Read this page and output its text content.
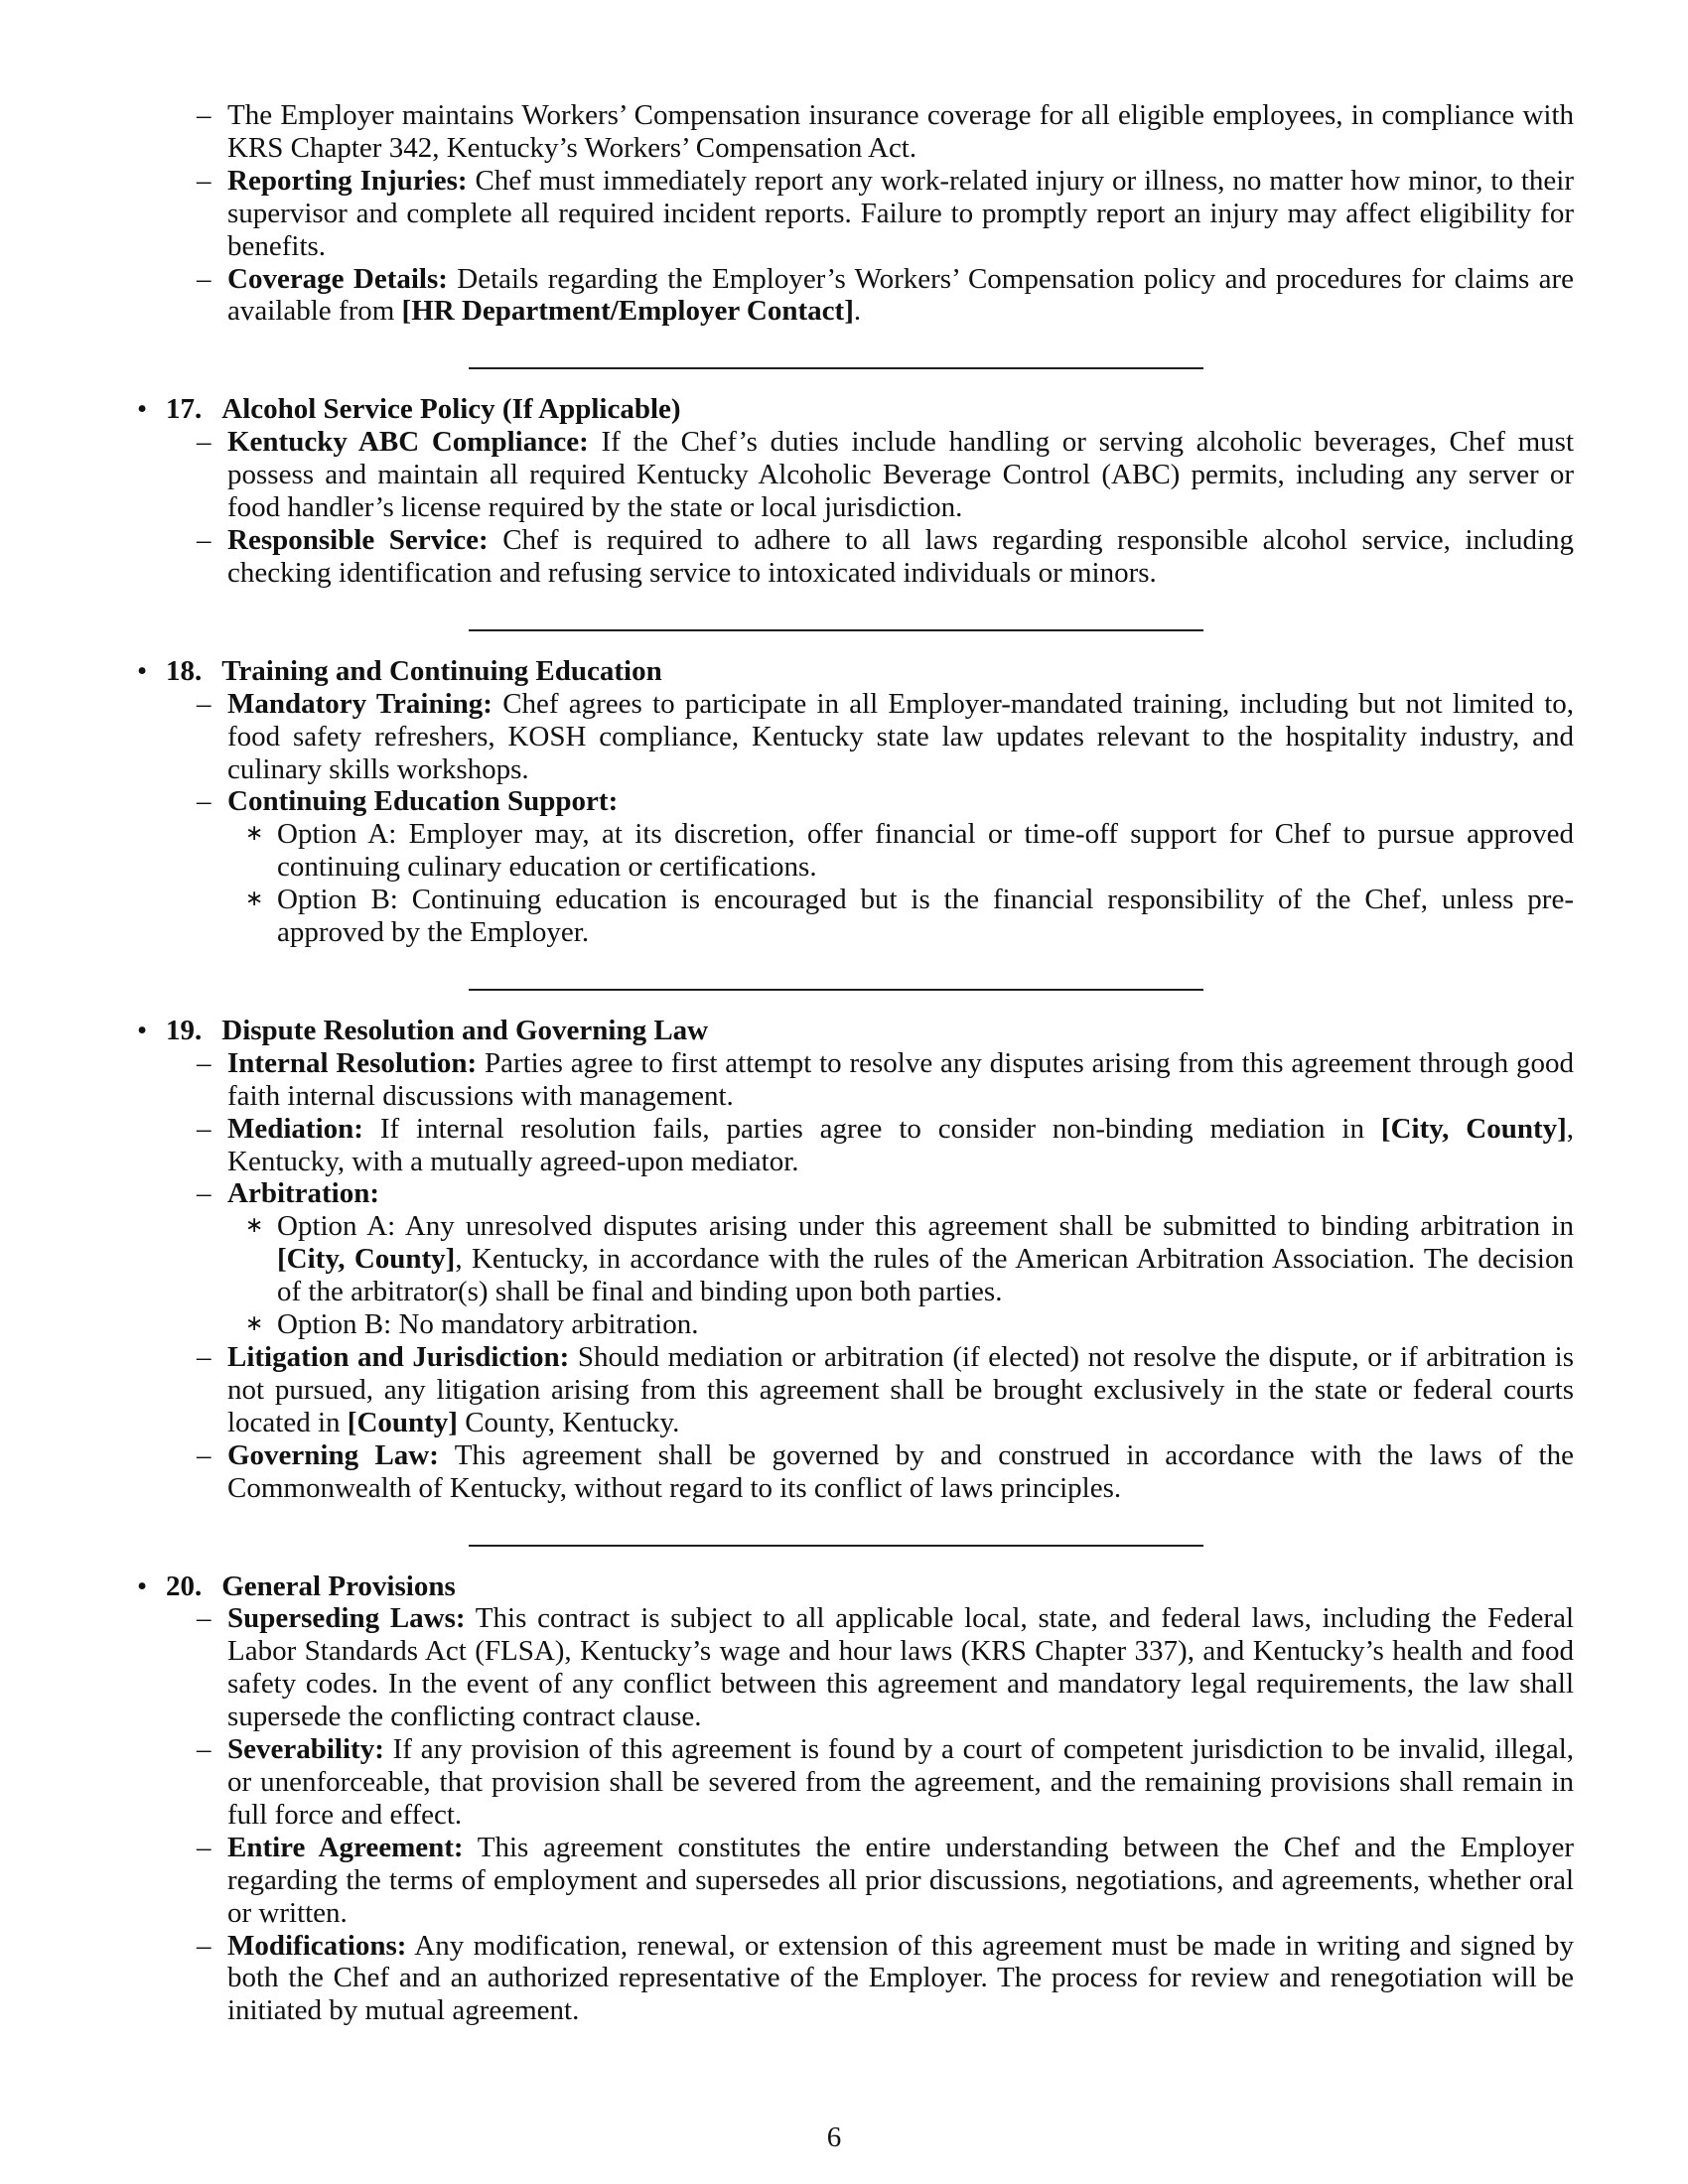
– The Employer maintains Workers’ Compensation insurance coverage for all eligible employees, in compliance with KRS Chapter 342, Kentucky’s Workers’ Compensation Act.
– Reporting Injuries: Chef must immediately report any work-related injury or illness, no matter how minor, to their supervisor and complete all required incident reports. Failure to promptly report an injury may affect eligibility for benefits.
– Coverage Details: Details regarding the Employer’s Workers’ Compensation policy and procedures for claims are available from [HR Department/Employer Contact].
• 17. Alcohol Service Policy (If Applicable)
– Kentucky ABC Compliance: If the Chef’s duties include handling or serving alcoholic beverages, Chef must possess and maintain all required Kentucky Alcoholic Beverage Control (ABC) permits, including any server or food handler’s license required by the state or local jurisdiction.
– Responsible Service: Chef is required to adhere to all laws regarding responsible alcohol service, including checking identification and refusing service to intoxicated individuals or minors.
• 18. Training and Continuing Education
– Mandatory Training: Chef agrees to participate in all Employer-mandated training, including but not limited to, food safety refreshers, KOSH compliance, Kentucky state law updates relevant to the hospitality industry, and culinary skills workshops.
– Continuing Education Support:
∗ Option A: Employer may, at its discretion, offer financial or time-off support for Chef to pursue approved continuing culinary education or certifications.
∗ Option B: Continuing education is encouraged but is the financial responsibility of the Chef, unless pre-approved by the Employer.
• 19. Dispute Resolution and Governing Law
– Internal Resolution: Parties agree to first attempt to resolve any disputes arising from this agreement through good faith internal discussions with management.
– Mediation: If internal resolution fails, parties agree to consider non-binding mediation in [City, County], Kentucky, with a mutually agreed-upon mediator.
– Arbitration:
∗ Option A: Any unresolved disputes arising under this agreement shall be submitted to binding arbitration in [City, County], Kentucky, in accordance with the rules of the American Arbitration Association. The decision of the arbitrator(s) shall be final and binding upon both parties.
∗ Option B: No mandatory arbitration.
– Litigation and Jurisdiction: Should mediation or arbitration (if elected) not resolve the dispute, or if arbitration is not pursued, any litigation arising from this agreement shall be brought exclusively in the state or federal courts located in [County] County, Kentucky.
– Governing Law: This agreement shall be governed by and construed in accordance with the laws of the Commonwealth of Kentucky, without regard to its conflict of laws principles.
• 20. General Provisions
– Superseding Laws: This contract is subject to all applicable local, state, and federal laws, including the Federal Labor Standards Act (FLSA), Kentucky’s wage and hour laws (KRS Chapter 337), and Kentucky’s health and food safety codes. In the event of any conflict between this agreement and mandatory legal requirements, the law shall supersede the conflicting contract clause.
– Severability: If any provision of this agreement is found by a court of competent jurisdiction to be invalid, illegal, or unenforceable, that provision shall be severed from the agreement, and the remaining provisions shall remain in full force and effect.
– Entire Agreement: This agreement constitutes the entire understanding between the Chef and the Employer regarding the terms of employment and supersedes all prior discussions, negotiations, and agreements, whether oral or written.
– Modifications: Any modification, renewal, or extension of this agreement must be made in writing and signed by both the Chef and an authorized representative of the Employer. The process for review and renegotiation will be initiated by mutual agreement.
6
